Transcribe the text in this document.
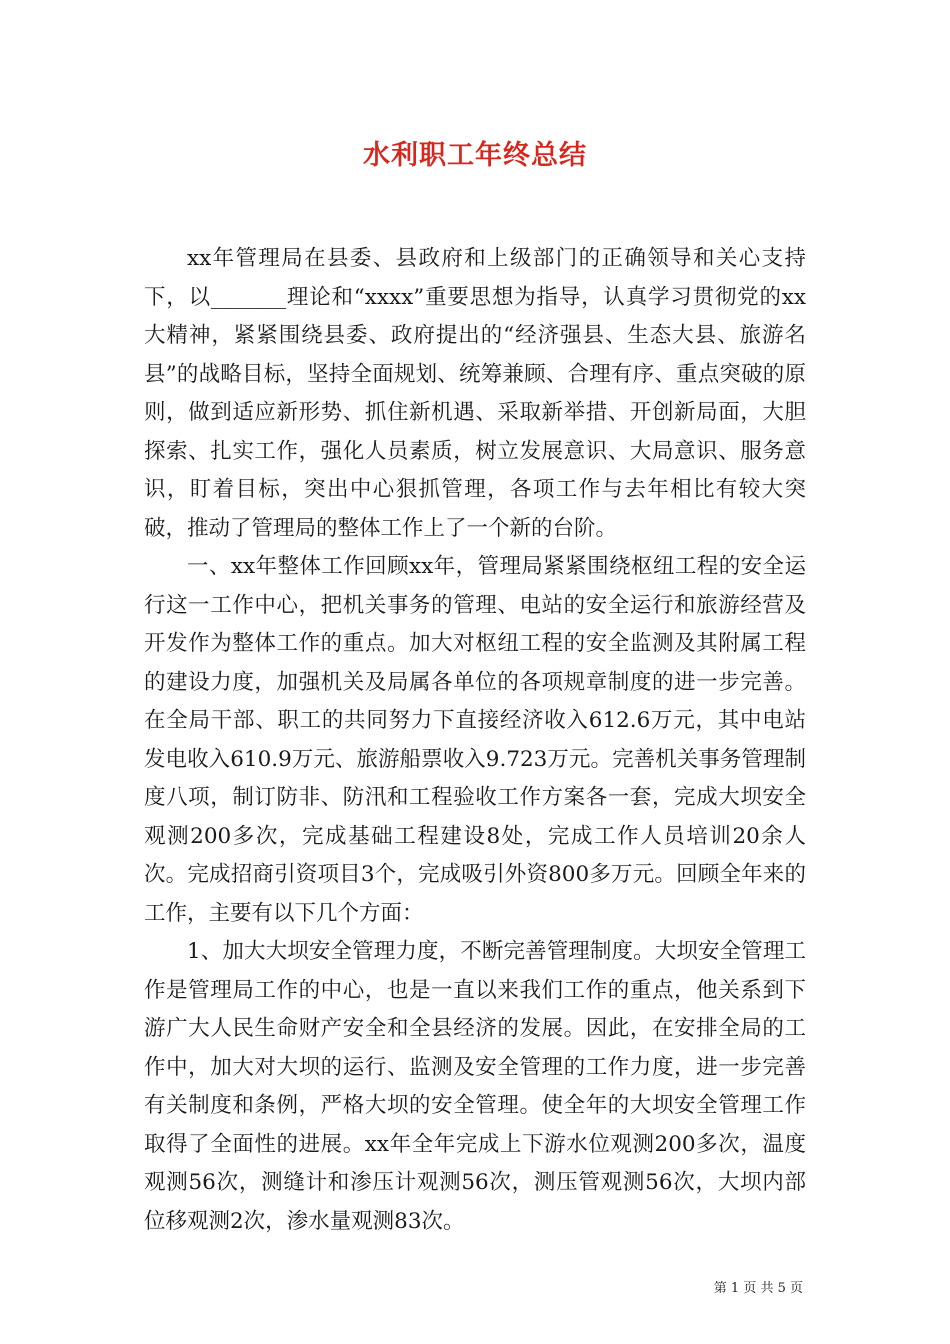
水利职工年终总结

xx年管理局在县委、县政府和上级部门的正确领导和关心支持下，以_______理论和“xxxx”重要思想为指导，认真学习贯彻党的xx大精神，紧紧围绕县委、政府提出的“经济强县、生态大县、旅游名县”的战略目标，坚持全面规划、统筹兼顾、合理有序、重点突破的原则，做到适应新形势、抓住新机遇、采取新举措、开创新局面，大胆探索、扎实工作，强化人员素质，树立发展意识、大局意识、服务意识，盯着目标，突出中心狠抓管理，各项工作与去年相比有较大突破，推动了管理局的整体工作上了一个新的台阶。

一、xx年整体工作回顾xx年，管理局紧紧围绕枢纽工程的安全运行这一工作中心，把机关事务的管理、电站的安全运行和旅游经营及开发作为整体工作的重点。加大对枢纽工程的安全监测及其附属工程的建设力度，加强机关及局属各单位的各项规章制度的进一步完善。在全局干部、职工的共同努力下直接经济收入612.6万元，其中电站发电收入610.9万元、旅游船票收入9.723万元。完善机关事务管理制度八项，制订防非、防汛和工程验收工作方案各一套，完成大坝安全观测200多次，完成基础工程建设8处，完成工作人员培训20余人次。完成招商引资项目3个，完成吸引外资800多万元。回顾全年来的工作，主要有以下几个方面：

1、加大大坝安全管理力度，不断完善管理制度。大坝安全管理工作是管理局工作的中心，也是一直以来我们工作的重点，他关系到下游广大人民生命财产安全和全县经济的发展。因此，在安排全局的工作中，加大对大坝的运行、监测及安全管理的工作力度，进一步完善有关制度和条例，严格大坝的安全管理。使全年的大坝安全管理工作取得了全面性的进展。xx年全年完成上下游水位观测200多次，温度观测56次，测缝计和渗压计观测56次，测压管观测56次，大坝内部位移观测2次，渗水量观测83次。

第 1 页 共 5 页
